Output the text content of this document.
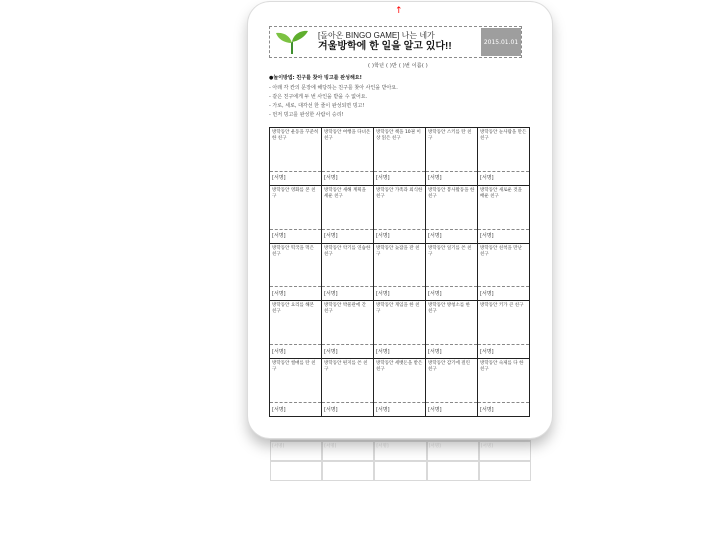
[돌아온 BINGO GAME] 나는 네가
겨울방학에 한 일을 알고 있다!!	2015.01.01
( )학년 ( )반 ( )번 이름( )
●놀이방법: 친구를 찾아 빙고를 완성해요!
- 아래 각 칸의 문장에 해당하는 친구를 찾아 사인을 받아요.
- 같은 친구에게 두 번 사인을 받을 수 없어요.
- 가로, 세로, 대각선 한 줄이 완성되면 빙고!
- 먼저 빙고를 완성한 사람이 승리!
방학동안 운동을 꾸준히 한 친구	방학동안 여행을 다녀온 친구	방학동안 책을 10권 이상 읽은 친구	방학동안 스키를 탄 친구	방학동안 눈사람을 만든 친구
[서명]	[서명]	[서명]	[서명]	[서명]
방학동안 영화를 본 친구	방학동안 새해 계획을 세운 친구	방학동안 가족과 외식한 친구	방학동안 봉사활동을 한 친구	방학동안 새로운 것을 배운 친구
[서명]	[서명]	[서명]	[서명]	[서명]
방학동안 떡국을 먹은 친구	방학동안 악기를 연습한 친구	방학동안 늦잠을 잔 친구	방학동안 일기를 쓴 친구	방학동안 친척을 만난 친구
[서명]	[서명]	[서명]	[서명]	[서명]
방학동안 요리를 해본 친구	방학동안 박물관에 간 친구	방학동안 게임을 한 친구	방학동안 방청소를 한 친구	방학동안 키가 큰 친구
[서명]	[서명]	[서명]	[서명]	[서명]
방학동안 썰매를 탄 친구	방학동안 편지를 쓴 친구	방학동안 세뱃돈을 받은 친구	방학동안 감기에 걸린 친구	방학동안 숙제를 다 한 친구
[서명]	[서명]	[서명]	[서명]	[서명]
↑
[서명]	[서명]	[서명]	[서명]	[서명]
